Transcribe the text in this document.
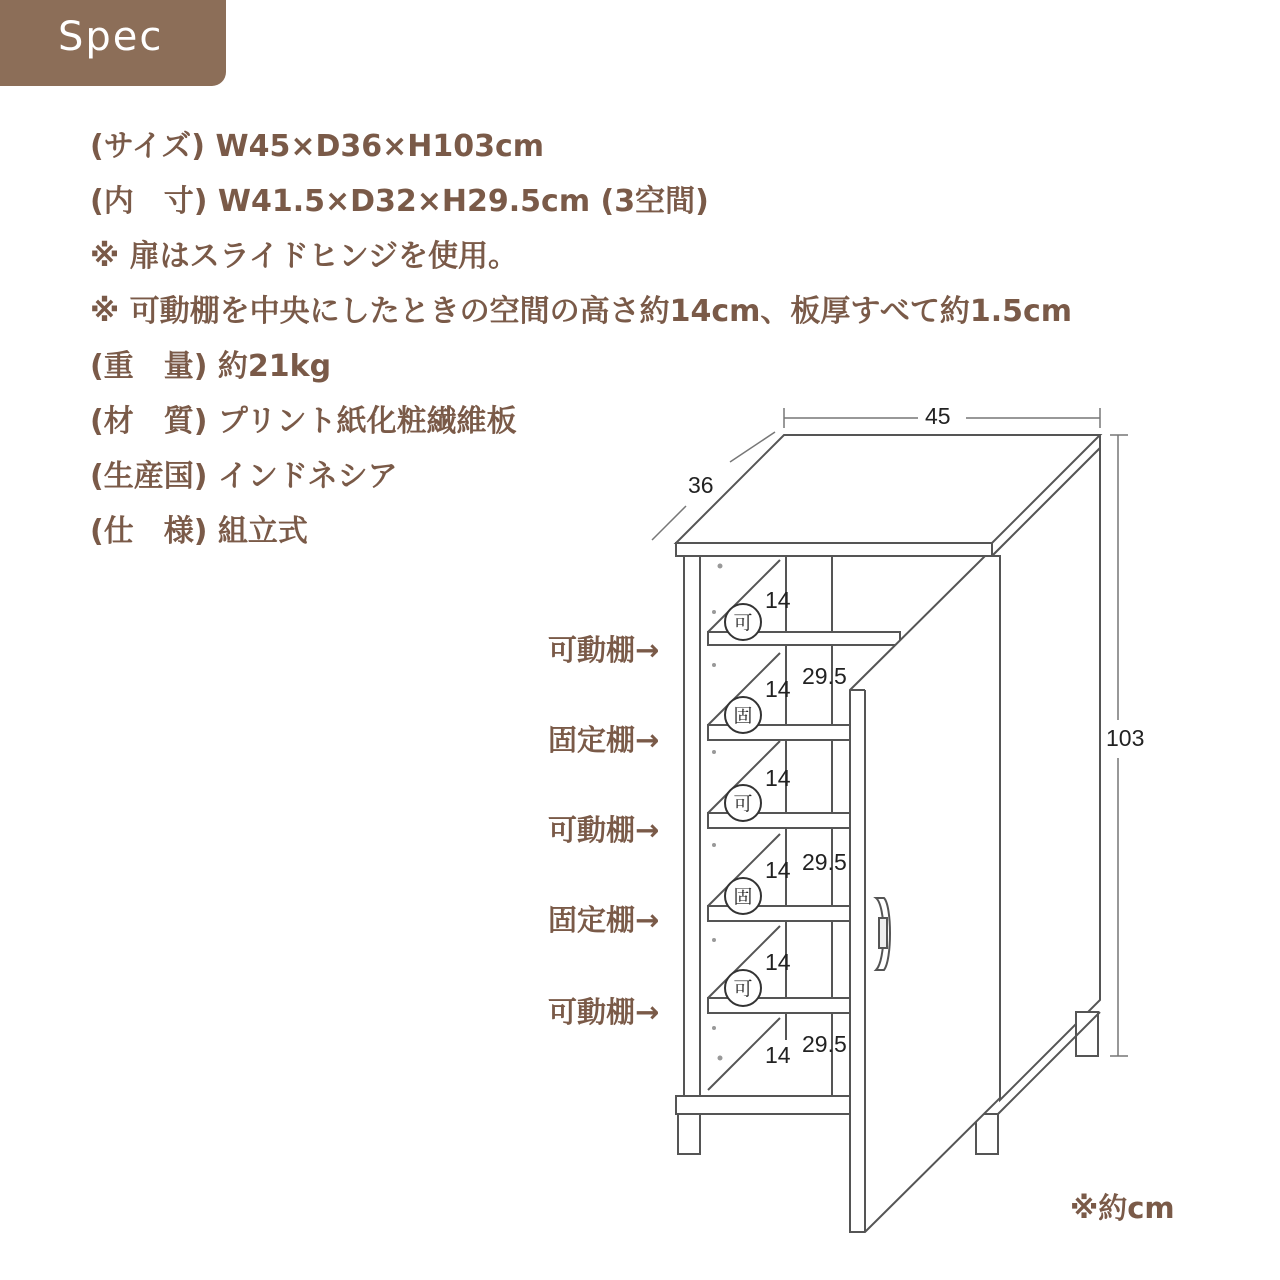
Spec
(サイズ) W45×D36×H103cm
(内　寸) W41.5×D32×H29.5cm (3空間)
※ 扉はスライドヒンジを使用。
※ 可動棚を中央にしたときの空間の高さ約14cm、板厚すべて約1.5cm
(重　量) 約21kg
(材　質) プリント紙化粧繊維板
(生産国) インドネシア
(仕　様) 組立式
45
36
103
14
14 29.5
14
14 29.5
14
14 29.5
可
固
可
固
可
可動棚→
固定棚→
可動棚→
固定棚→
可動棚→
※約cm
